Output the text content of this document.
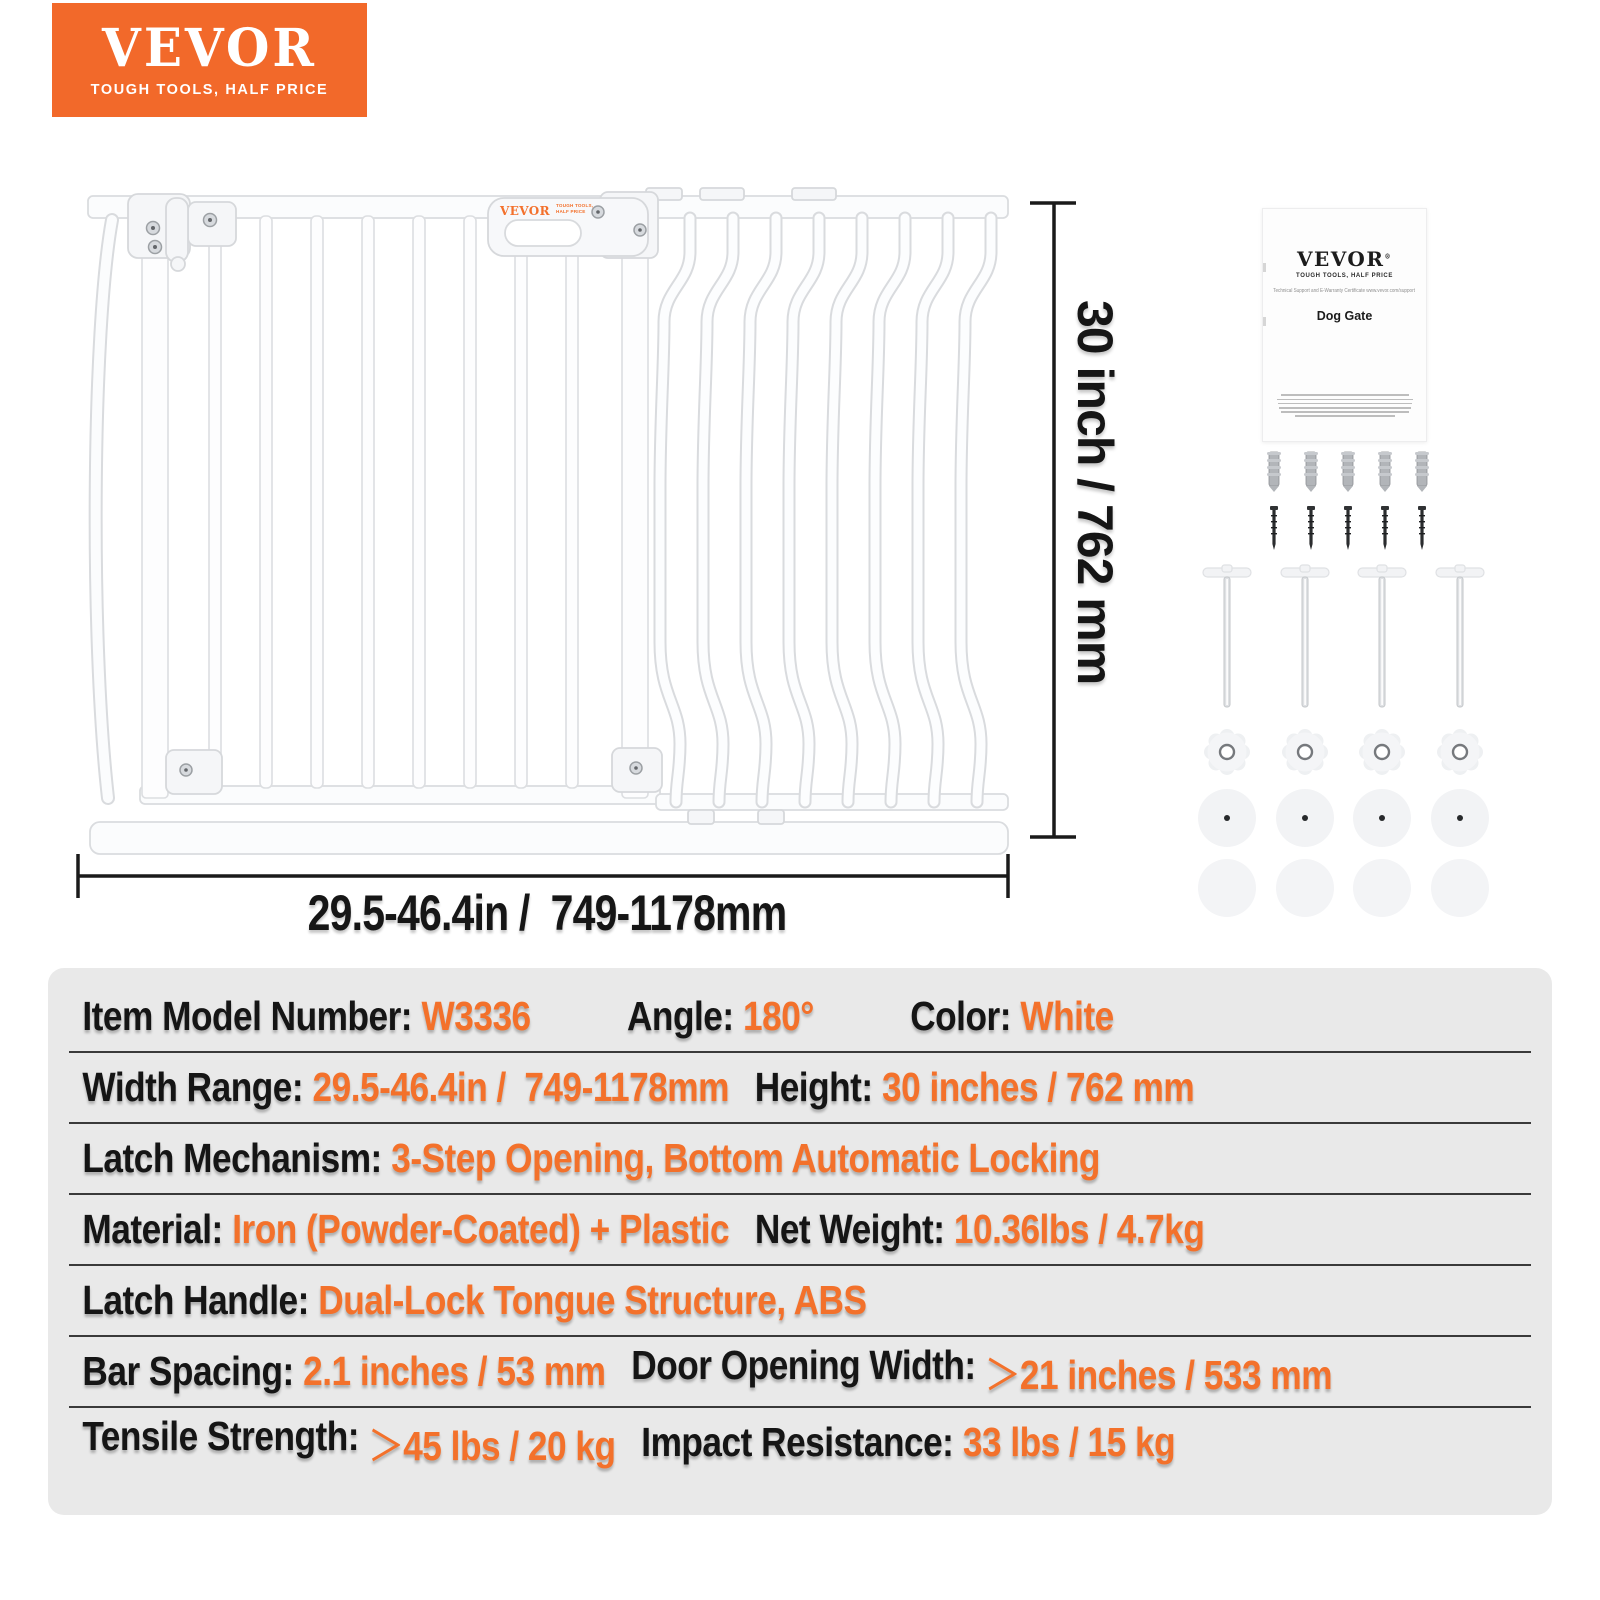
VEVOR
TOUGH TOOLS, HALF PRICE
VEVOR TOUGH TOOLS,
HALF PRICE
30 inch / 762 mm
29.5-46.4in /  749-1178mm
VEVOR®
TOUGH TOOLS, HALF PRICE
Technical Support and E-Warranty Certificate www.vevor.com/support
Dog Gate
Item Model Number: W3336 Angle: 180° Color: White
Width Range: 29.5-46.4in /  749-1178mm Height: 30 inches / 762 mm
Latch Mechanism: 3-Step Opening, Bottom Automatic Locking
Material: Iron (Powder-Coated) + Plastic Net Weight: 10.36lbs / 4.7kg
Latch Handle: Dual-Lock Tongue Structure, ABS
Bar Spacing: 2.1 inches / 53 mm Door Opening Width: ＞21 inches / 533 mm
Tensile Strength: ＞45 lbs / 20 kg Impact Resistance: 33 lbs / 15 kg
